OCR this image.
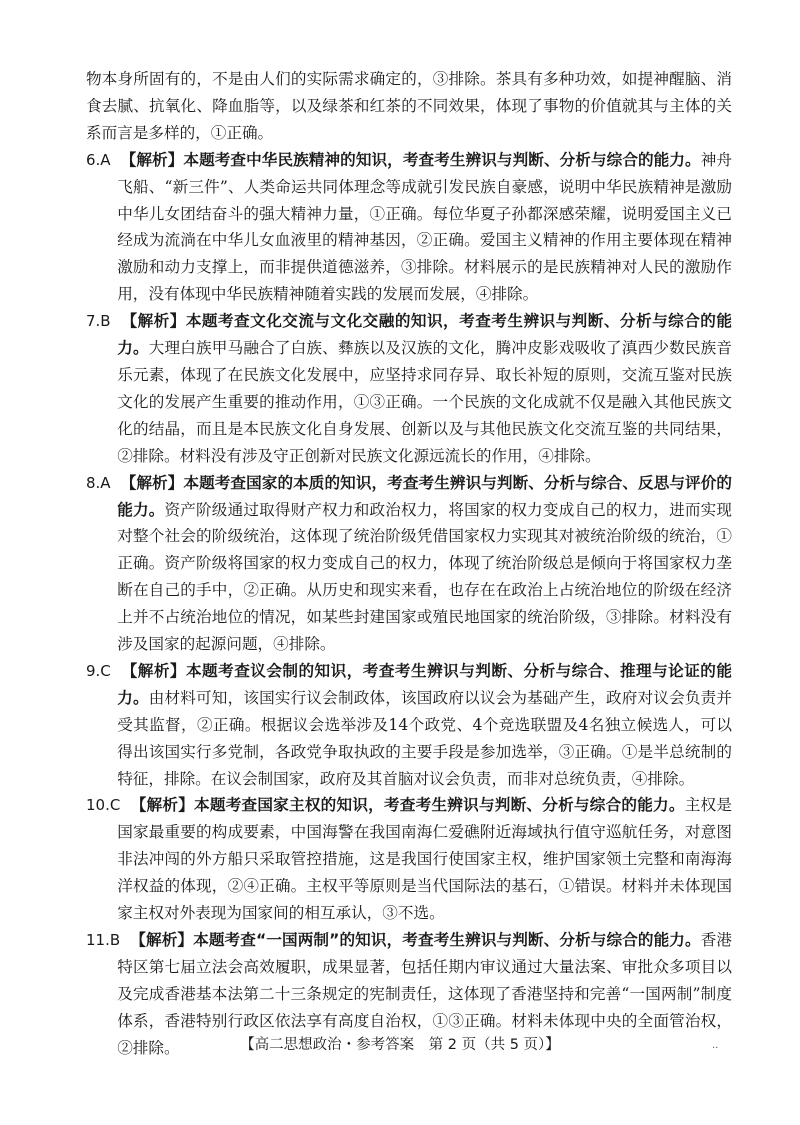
物本身所固有的，不是由人们的实际需求确定的，③排除。茶具有多种功效，如提神醒脑、消食去腻、抗氧化、降血脂等，以及绿茶和红茶的不同效果，体现了事物的价值就其与主体的关系而言是多样的，①正确。

6.A 【解析】本题考查中华民族精神的知识，考查考生辨识与判断、分析与综合的能力。神舟飞船、“新三件”、人类命运共同体理念等成就引发民族自豪感，说明中华民族精神是激励中华儿女团结奋斗的强大精神力量，①正确。每位华夏子孙都深感荣耀，说明爱国主义已经成为流淌在中华儿女血液里的精神基因，②正确。爱国主义精神的作用主要体现在精神激励和动力支撑上，而非提供道德滋养，③排除。材料展示的是民族精神对人民的激励作用，没有体现中华民族精神随着实践的发展而发展，④排除。

7.B 【解析】本题考查文化交流与文化交融的知识，考查考生辨识与判断、分析与综合的能力。大理白族甲马融合了白族、彝族以及汉族的文化，腾冲皮影戏吸收了滇西少数民族音乐元素，体现了在民族文化发展中，应坚持求同存异、取长补短的原则，交流互鉴对民族文化的发展产生重要的推动作用，①③正确。一个民族的文化成就不仅是融入其他民族文化的结晶，而且是本民族文化自身发展、创新以及与其他民族文化交流互鉴的共同结果，②排除。材料没有涉及守正创新对民族文化源远流长的作用，④排除。

8.A 【解析】本题考查国家的本质的知识，考查考生辨识与判断、分析与综合、反思与评价的能力。资产阶级通过取得财产权力和政治权力，将国家的权力变成自己的权力，进而实现对整个社会的阶级统治，这体现了统治阶级凭借国家权力实现其对被统治阶级的统治，①正确。资产阶级将国家的权力变成自己的权力，体现了统治阶级总是倾向于将国家权力垄断在自己的手中，②正确。从历史和现实来看，也存在在政治上占统治地位的阶级在经济上并不占统治地位的情况，如某些封建国家或殖民地国家的统治阶级，③排除。材料没有涉及国家的起源问题，④排除。

9.C 【解析】本题考查议会制的知识，考查考生辨识与判断、分析与综合、推理与论证的能力。由材料可知，该国实行议会制政体，该国政府以议会为基础产生，政府对议会负责并受其监督，②正确。根据议会选举涉及14个政党、4个竞选联盟及4名独立候选人，可以得出该国实行多党制，各政党争取执政的主要手段是参加选举，③正确。①是半总统制的特征，排除。在议会制国家，政府及其首脑对议会负责，而非对总统负责，④排除。

10.C 【解析】本题考查国家主权的知识，考查考生辨识与判断、分析与综合的能力。主权是国家最重要的构成要素，中国海警在我国南海仁爱礁附近海域执行值守巡航任务，对意图非法冲闯的外方船只采取管控措施，这是我国行使国家主权，维护国家领土完整和南海海洋权益的体现，②④正确。主权平等原则是当代国际法的基石，①错误。材料并未体现国家主权对外表现为国家间的相互承认，③不选。

11.B 【解析】本题考查“一国两制”的知识，考查考生辨识与判断、分析与综合的能力。香港特区第七届立法会高效履职，成果显著，包括任期内审议通过大量法案、审批众多项目以及完成香港基本法第二十三条规定的宪制责任，这体现了香港坚持和完善“一国两制”制度体系，香港特别行政区依法享有高度自治权，①③正确。材料未体现中央的全面管治权，②排除。	【高二思想政治・参考答案　第 2 页（共 5 页）】	··
